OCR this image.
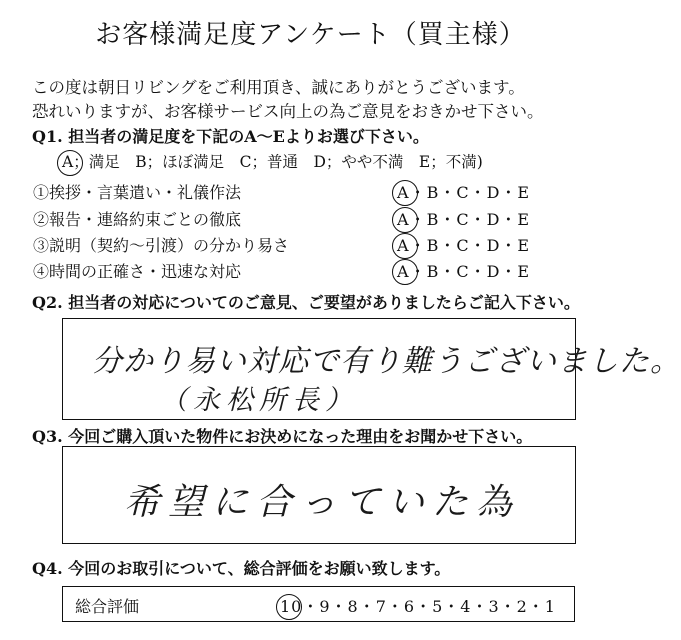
お客様満足度アンケート（買主様）
この度は朝日リビングをご利用頂き、誠にありがとうございます。
恐れいりますが、お客様サービス向上の為ご意見をおきかせ下さい。
Q1. 担当者の満足度を下記のA〜Eよりお選び下さい。
A；満足　B；ほぼ満足　C；普通　D；やや不満　E；不満)
①挨拶・言葉遣い・礼儀作法	A・B・C・D・E
②報告・連絡約束ごとの徹底	A・B・C・D・E
③説明（契約〜引渡）の分かり易さ	A・B・C・D・E
④時間の正確さ・迅速な対応	A・B・C・D・E
Q2. 担当者の対応についてのご意見、ご要望がありましたらご記入下さい。
分かり易い対応で有り難うございました。
（永松所長）
Q3. 今回ご購入頂いた物件にお決めになった理由をお聞かせ下さい。
希望に合っていた為
Q4. 今回のお取引について、総合評価をお願い致します。
総合評価	10・9・8・7・6・5・4・3・2・1
